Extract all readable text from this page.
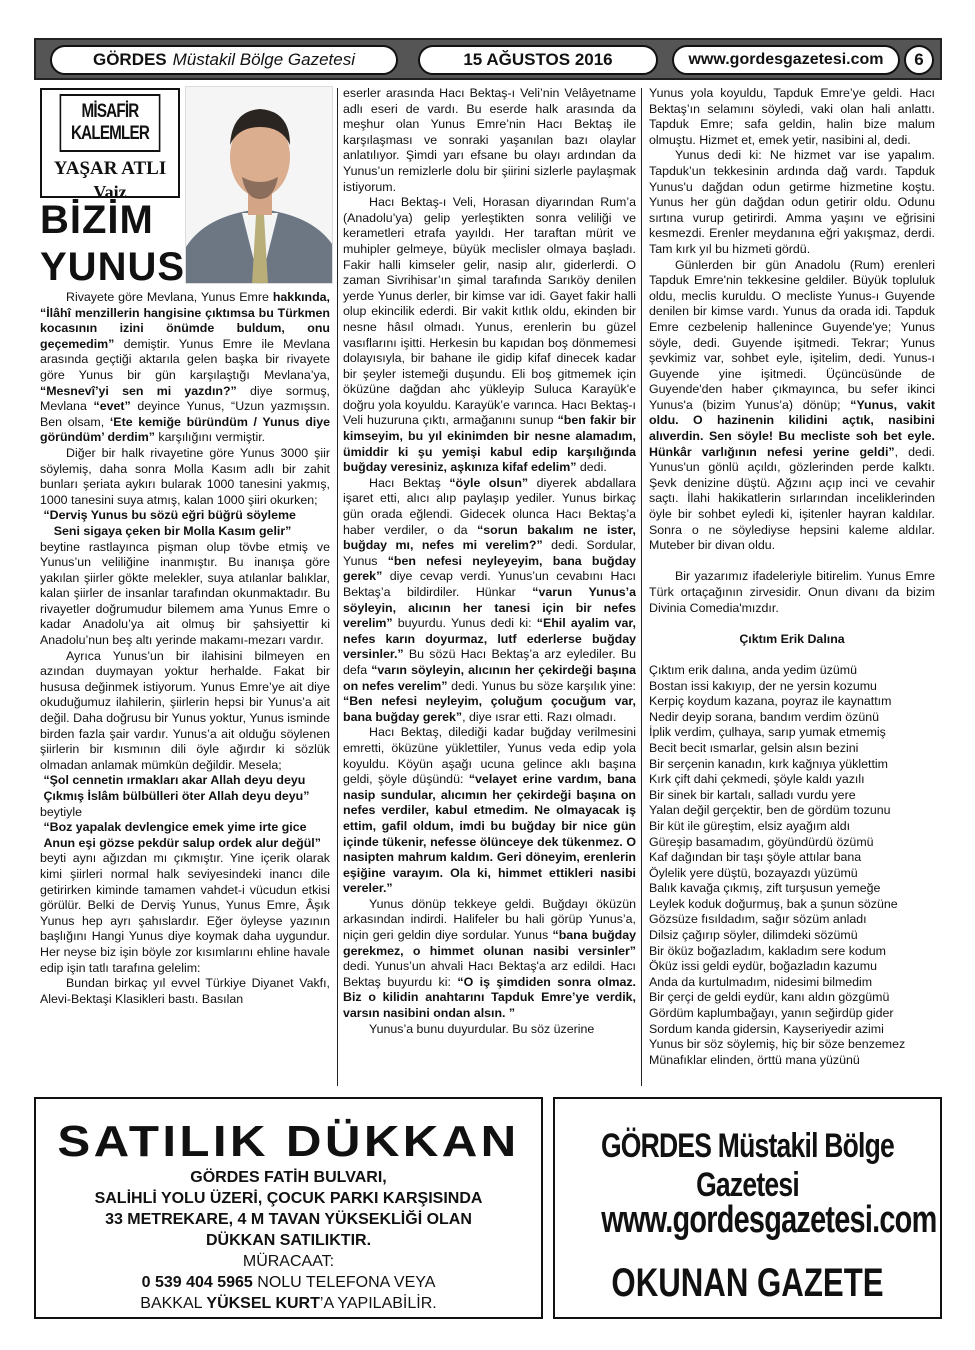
GÖRDES Müstakil Bölge Gazetesi	15 AĞUSTOS 2016	www.gordesgazetesi.com	6
MİSAFİR KALEMLER
YAŞAR ATLI
Vaiz
BİZİM
YUNUS

Rivayete göre Mevlana, Yunus Emre hakkında, “İlâhî menzillerin hangisine çıktımsa bu Türkmen kocasının izini önümde buldum, onu geçemedim” demiştir. Yunus Emre ile Mevlana arasında geçtiği aktarıla gelen başka bir rivayete göre Yunus bir gün karşılaştığı Mevlana’ya, “Mesnevî’yi sen mi yazdın?” diye sormuş, Mevlana “evet” deyince Yunus, “Uzun yazmışsın. Ben olsam, ‘Ete kemiğe büründüm / Yunus diye göründüm’ derdim” karşılığını vermiştir.

Diğer bir halk rivayetine göre Yunus 3000 şiir söylemiş, daha sonra Molla Kasım adlı bir zahit bunları şeriata aykırı bularak 1000 tanesini yakmış, 1000 tanesini suya atmış, kalan 1000 şiiri okurken;

“Derviş Yunus bu sözü eğri büğrü söyleme
Seni sigaya çeken bir Molla Kasım gelir”

beytine rastlayınca pişman olup tövbe etmiş ve Yunus’un veliliğine inanmıştır. Bu inanışa göre yakılan şiirler gökte melekler, suya atılanlar balıklar, kalan şiirler de insanlar tarafından okunmaktadır. Bu rivayetler doğrumudur bilemem ama Yunus Emre o kadar Anadolu’ya ait olmuş bir şahsiyettir ki Anadolu’nun beş altı yerinde makamı-mezarı vardır.

Ayrıca Yunus’un bir ilahisini bilmeyen en azından duymayan yoktur herhalde. Fakat bir hususa değinmek istiyorum. Yunus Emre’ye ait diye okuduğumuz ilahilerin, şiirlerin hepsi bir Yunus’a ait değil. Daha doğrusu bir Yunus yoktur, Yunus isminde birden fazla şair vardır. Yunus’a ait olduğu söylenen şiirlerin bir kısmının dili öyle ağırdır ki sözlük olmadan anlamak mümkün değildir. Mesela;

“Şol cennetin ırmakları akar Allah deyu deyu
Çıkmış İslâm bülbülleri öter Allah deyu deyu”

beytiyle

“Boz yapalak devlengice emek yime irte gice
Anun eşi gözse pekdür salup ordek alur değül”

beyti aynı ağızdan mı çıkmıştır. Yine içerik olarak kimi şiirleri normal halk seviyesindeki inancı dile getirirken kiminde tamamen vahdet-i vücudun etkisi görülür. Belki de Derviş Yunus, Yunus Emre, Âşık Yunus hep ayrı şahıslardır. Eğer öyleyse yazının başlığını Hangi Yunus diye koymak daha uygundur. Her neyse biz işin böyle zor kısımlarını ehline havale edip işin tatlı tarafına gelelim:

Bundan birkaç yıl evvel Türkiye Diyanet Vakfı, Alevi-Bektaşi Klasikleri bastı. Basılan

eserler arasında Hacı Bektaş-ı Veli’nin Velâyetname adlı eseri de vardı. Bu eserde halk arasında da meşhur olan Yunus Emre’nin Hacı Bektaş ile karşılaşması ve sonraki yaşanılan bazı olaylar anlatılıyor. Şimdi yarı efsane bu olayı ardından da Yunus’un remizlerle dolu bir şiirini sizlerle paylaşmak istiyorum.

Hacı Bektaş-ı Veli, Horasan diyarından Rum’a (Anadolu’ya) gelip yerleştikten sonra veliliği ve kerametleri etrafa yayıldı. Her taraftan mürit ve muhipler gelmeye, büyük meclisler olmaya başladı. Fakir halli kimseler gelir, nasip alır, giderlerdi. O zaman Sivrihisar’ın şimal tarafında Sarıköy denilen yerde Yunus derler, bir kimse var idi. Gayet fakir halli olup ekincilik ederdi. Bir vakit kıtlık oldu, ekinden bir nesne hâsıl olmadı. Yunus, erenlerin bu güzel vasıflarını işitti. Herkesin bu kapıdan boş dönmemesi dolayısıyla, bir bahane ile gidip kifaf dinecek kadar bir şeyler istemeği duşundu. Eli boş gitmemek için öküzüne dağdan ahc yükleyip Suluca Karayük'e doğru yola koyuldu. Karayük’e varınca. Hacı Bektaş-ı Veli huzuruna çıktı, armağanını sunup “ben fakir bir kimseyim, bu yıl ekinimden bir nesne alamadım, ümiddir ki şu yemişi kabul edip karşılığında buğday veresiniz, aşkınıza kifaf edelim” dedi.

Hacı Bektaş “öyle olsun” diyerek abdallara işaret etti, alıcı alıp paylaşıp yediler. Yunus birkaç gün orada eğlendi. Gidecek olunca Hacı Bektaş’a haber verdiler, o da “sorun bakalım ne ister, buğday mı, nefes mi verelim?” dedi. Sordular, Yunus “ben nefesi neyleyeyim, bana buğday gerek” diye cevap verdi. Yunus’un cevabını Hacı Bektaş’a bildirdiler. Hünkar “varun Yunus’a söyleyin, alıcının her tanesi için bir nefes verelim” buyurdu. Yunus dedi ki: “Ehil ayalim var, nefes karın doyurmaz, lutf ederlerse buğday versinler.” Bu sözü Hacı Bektaş’a arz eylediler. Bu defa “varın söyleyin, alıcının her çekirdeği başına on nefes verelim” dedi. Yunus bu söze karşılık yine: “Ben nefesi neyleyim, çoluğum çocuğum var, bana buğday gerek”, diye ısrar etti. Razı olmadı.

Hacı Bektaş, dilediği kadar buğday verilmesini emretti, öküzüne yüklettiler, Yunus veda edip yola koyuldu. Köyün aşağı ucuna gelince aklı başına geldi, şöyle düşündü: “velayet erine vardım, bana nasip sundular, alıcımın her çekirdeği başına on nefes verdiler, kabul etmedim. Ne olmayacak iş ettim, gafil oldum, imdi bu buğday bir nice gün içinde tükenir, nefesse ölünceye dek tükenmez. O nasipten mahrum kaldım. Geri döneyim, erenlerin eşiğine varayım. Ola ki, himmet ettikleri nasibi vereler.”

Yunus dönüp tekkeye geldi. Buğdayı öküzün arkasından indirdi. Halifeler bu hali görüp Yunus’a, niçin geri geldin diye sordular. Yunus “bana buğday gerekmez, o himmet olunan nasibi versinler” dedi. Yunus’un ahvali Hacı Bektaş'a arz edildi. Hacı Bektaş buyurdu ki: “O iş şimdiden sonra olmaz. Biz o kilidin anahtarını Tapduk Emre’ye verdik, varsın nasibini ondan alsın. ”

Yunus’a bunu duyurdular. Bu söz üzerine

Yunus yola koyuldu, Tapduk Emre’ye geldi. Hacı Bektaş’ın selamını söyledi, vaki olan hali anlattı. Tapduk Emre; safa geldin, halin bize malum olmuştu. Hizmet et, emek yetir, nasibini al, dedi.

Yunus dedi ki: Ne hizmet var ise yapalım. Tapduk’un tekkesinin ardında dağ vardı. Tapduk Yunus'u dağdan odun getirme hizmetine koştu. Yunus her gün dağdan odun getirir oldu. Odunu sırtına vurup getirirdi. Amma yaşını ve eğrisini kesmezdi. Erenler meydanına eğri yakışmaz, derdi. Tam kırk yıl bu hizmeti gördü.

Günlerden bir gün Anadolu (Rum) erenleri Tapduk Emre'nin tekkesine geldiler. Büyük topluluk oldu, meclis kuruldu. O mecliste Yunus-ı Guyende denilen bir kimse vardı. Yunus da orada idi. Tapduk Emre cezbelenip hallenince Guyende'ye; Yunus söyle, dedi. Guyende işitmedi. Tekrar; Yunus şevkimiz var, sohbet eyle, işitelim, dedi. Yunus-ı Guyende yine işitmedi. Üçüncüsünde de Guyende'den haber çıkmayınca, bu sefer ikinci Yunus'a (bizim Yunus’a) dönüp; “Yunus, vakit oldu. O hazinenin kilidini açtık, nasibini alıverdin. Sen söyle! Bu mecliste soh bet eyle. Hünkâr varlığının nefesi yerine geldi”, dedi. Yunus'un gönlü açıldı, gözlerinden perde kalktı. Şevk denizine düştü. Ağzını açıp inci ve cevahir saçtı. İlahi hakikatlerin sırlarından inceliklerinden öyle bir sohbet eyledi ki, işitenler hayran kaldılar. Sonra o ne söylediyse hepsini kaleme aldılar. Muteber bir divan oldu.

Bir yazarımız ifadeleriyle bitirelim. Yunus Emre Türk ortaçağının zirvesidir. Onun divanı da bizim Divinia Comedia'mızdır.

Çıktım Erik Dalına

Çıktım erik dalına, anda yedim üzümü

Bostan issi kakıyıp, der ne yersin kozumu

Kerpiç koydum kazana, poyraz ile kaynattım

Nedir deyip sorana, bandım verdim özünü

İplik verdim, çulhaya, sarıp yumak etmemiş

Becit becit ısmarlar, gelsin alsın bezini

Bir serçenin kanadın, kırk kağnıya yüklettim

Kırk çift dahi çekmedi, şöyle kaldı yazılı

Bir sinek bir kartalı, salladı vurdu yere

Yalan değil gerçektir, ben de gördüm tozunu

Bir küt ile güreştim, elsiz ayağım aldı

Güreşip basamadım, göyündürdü özümü

Kaf dağından bir taşı şöyle attılar bana

Öylelik yere düştü, bozayazdı yüzümü

Balık kavağa çıkmış, zift turşusun yemeğe

Leylek koduk doğurmuş, bak a şunun sözüne

Gözsüze fısıldadım, sağır sözüm anladı

Dilsiz çağırıp söyler, dilimdeki sözümü

Bir öküz boğazladım, kakladım sere kodum

Öküz issi geldi eydür, boğazladın kazumu

Anda da kurtulmadım, nidesimi bilmedim

Bir çerçi de geldi eydür, kanı aldın gözgümü

Gördüm kaplumbağayı, yanın seğirdüp gider

Sordum kanda gidersin, Kayseriyedir azimi

Yunus bir söz söylemiş, hiç bir söze benzemez

Münafıklar elinden, örttü mana yüzünü

SATILIK DÜKKAN
GÖRDES FATİH BULVARI,
SALİHLİ YOLU ÜZERİ, ÇOCUK PARKI KARŞISINDA
33 METREKARE, 4 M TAVAN YÜKSEKLİĞİ OLAN
DÜKKAN SATILIKTIR.
MÜRACAAT:
0 539 404 5965 NOLU TELEFONA VEYA
BAKKAL YÜKSEL KURT’A YAPILABİLİR.
GÖRDES Müstakil Bölge Gazetesi
www.gordesgazetesi.com
OKUNAN GAZETE
